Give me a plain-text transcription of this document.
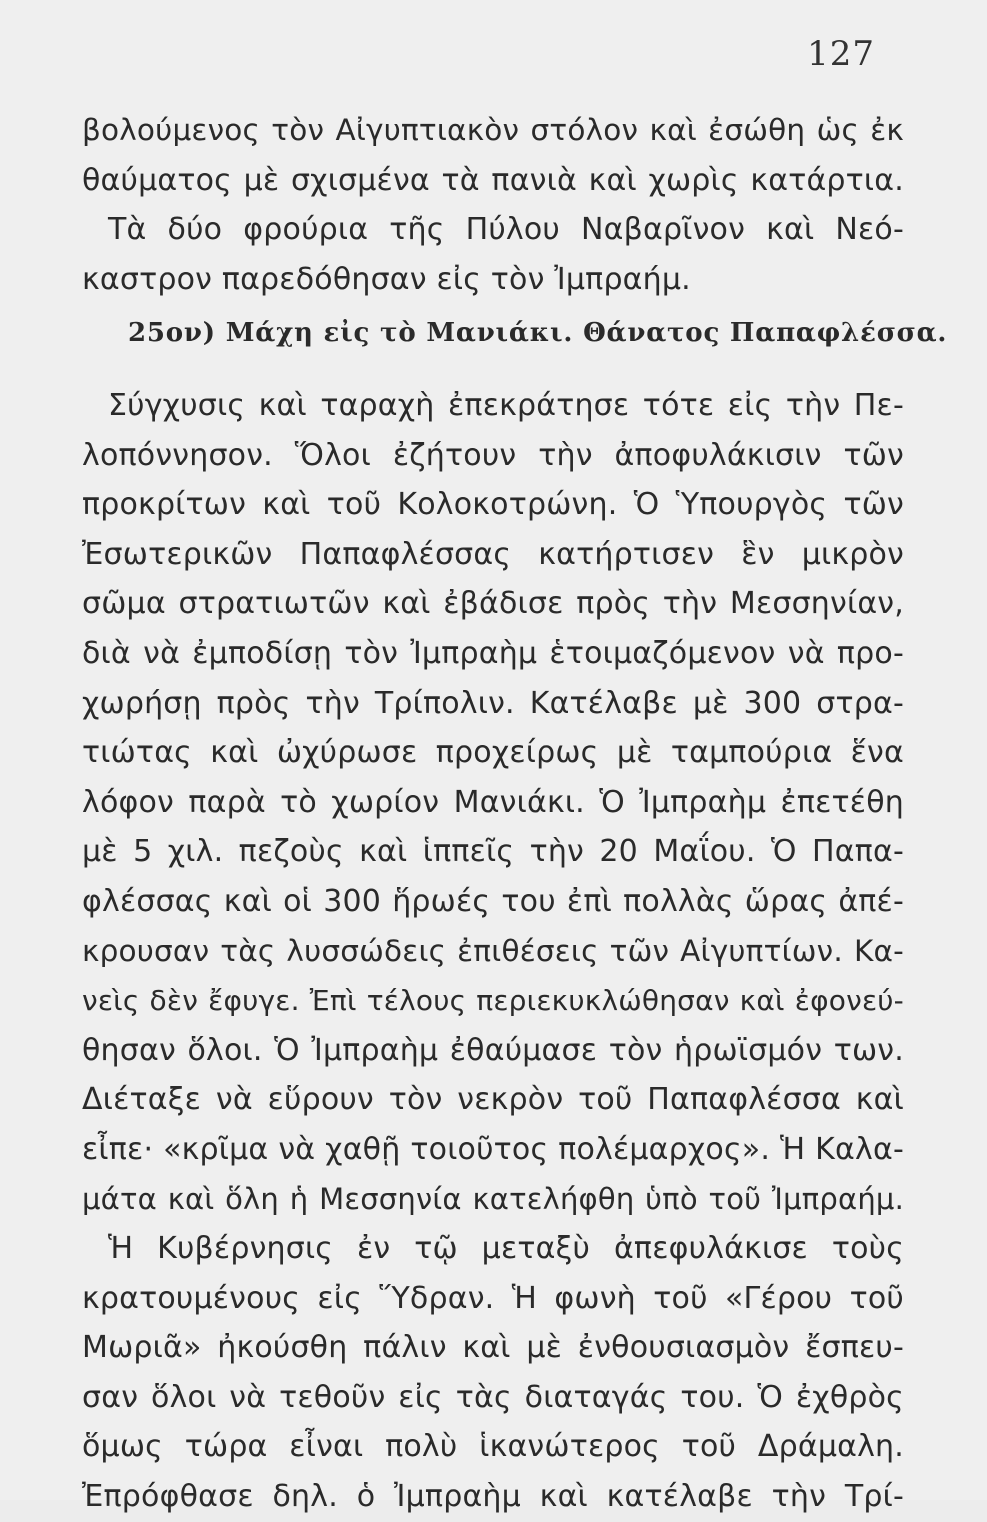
127
βολούμενος τὸν Αἰγυπτιακὸν στόλον καὶ ἐσώθη ὡς ἐκ
θαύματος μὲ σχισμένα τὰ πανιὰ καὶ χωρὶς κατάρτια.
Τὰ δύο φρούρια τῆς Πύλου Ναβαρῖνον καὶ Νεό-
καστρον παρεδόθησαν εἰς τὸν Ἰμπραήμ.
25ον) Μάχη εἰς τὸ Μανιάκι. Θάνατος Παπαφλέσσα.
Σύγχυσις καὶ ταραχὴ ἐπεκράτησε τότε εἰς τὴν Πε-
λοπόννησον. Ὅλοι ἐζήτουν τὴν ἀποφυλάκισιν τῶν
προκρίτων καὶ τοῦ Κολοκοτρώνη. Ὁ Ὑπουργὸς τῶν
Ἐσωτερικῶν Παπαφλέσσας κατήρτισεν ἓν μικρὸν
σῶμα στρατιωτῶν καὶ ἐβάδισε πρὸς τὴν Μεσσηνίαν,
διὰ νὰ ἐμποδίσῃ τὸν Ἰμπραὴμ ἑτοιμαζόμενον νὰ προ-
χωρήσῃ πρὸς τὴν Τρίπολιν. Κατέλαβε μὲ 300 στρα-
τιώτας καὶ ὠχύρωσε προχείρως μὲ ταμπούρια ἕνα
λόφον παρὰ τὸ χωρίον Μανιάκι. Ὁ Ἰμπραὴμ ἐπετέθη
μὲ 5 χιλ. πεζοὺς καὶ ἱππεῖς τὴν 20 Μαΐου. Ὁ Παπα-
φλέσσας καὶ οἱ 300 ἥρωές του ἐπὶ πολλὰς ὥρας ἀπέ-
κρουσαν τὰς λυσσώδεις ἐπιθέσεις τῶν Αἰγυπτίων. Κα-
νεὶς δὲν ἔφυγε. Ἐπὶ τέλους περιεκυκλώθησαν καὶ ἐφονεύ-
θησαν ὅλοι. Ὁ Ἰμπραὴμ ἐθαύμασε τὸν ἡρωϊσμόν των.
Διέταξε νὰ εὕρουν τὸν νεκρὸν τοῦ Παπαφλέσσα καὶ
εἶπε· «κρῖμα νὰ χαθῇ τοιοῦτος πολέμαρχος». Ἡ Καλα-
μάτα καὶ ὅλη ἡ Μεσσηνία κατελήφθη ὑπὸ τοῦ Ἰμπραήμ.
Ἡ Κυβέρνησις ἐν τῷ μεταξὺ ἀπεφυλάκισε τοὺς
κρατουμένους εἰς Ὕδραν. Ἡ φωνὴ τοῦ «Γέρου τοῦ
Μωριᾶ» ἠκούσθη πάλιν καὶ μὲ ἐνθουσιασμὸν ἔσπευ-
σαν ὅλοι νὰ τεθοῦν εἰς τὰς διαταγάς του. Ὁ ἐχθρὸς
ὅμως τώρα εἶναι πολὺ ἱκανώτερος τοῦ Δράμαλη.
Ἐπρόφθασε δηλ. ὁ Ἰμπραὴμ καὶ κατέλαβε τὴν Τρί-
